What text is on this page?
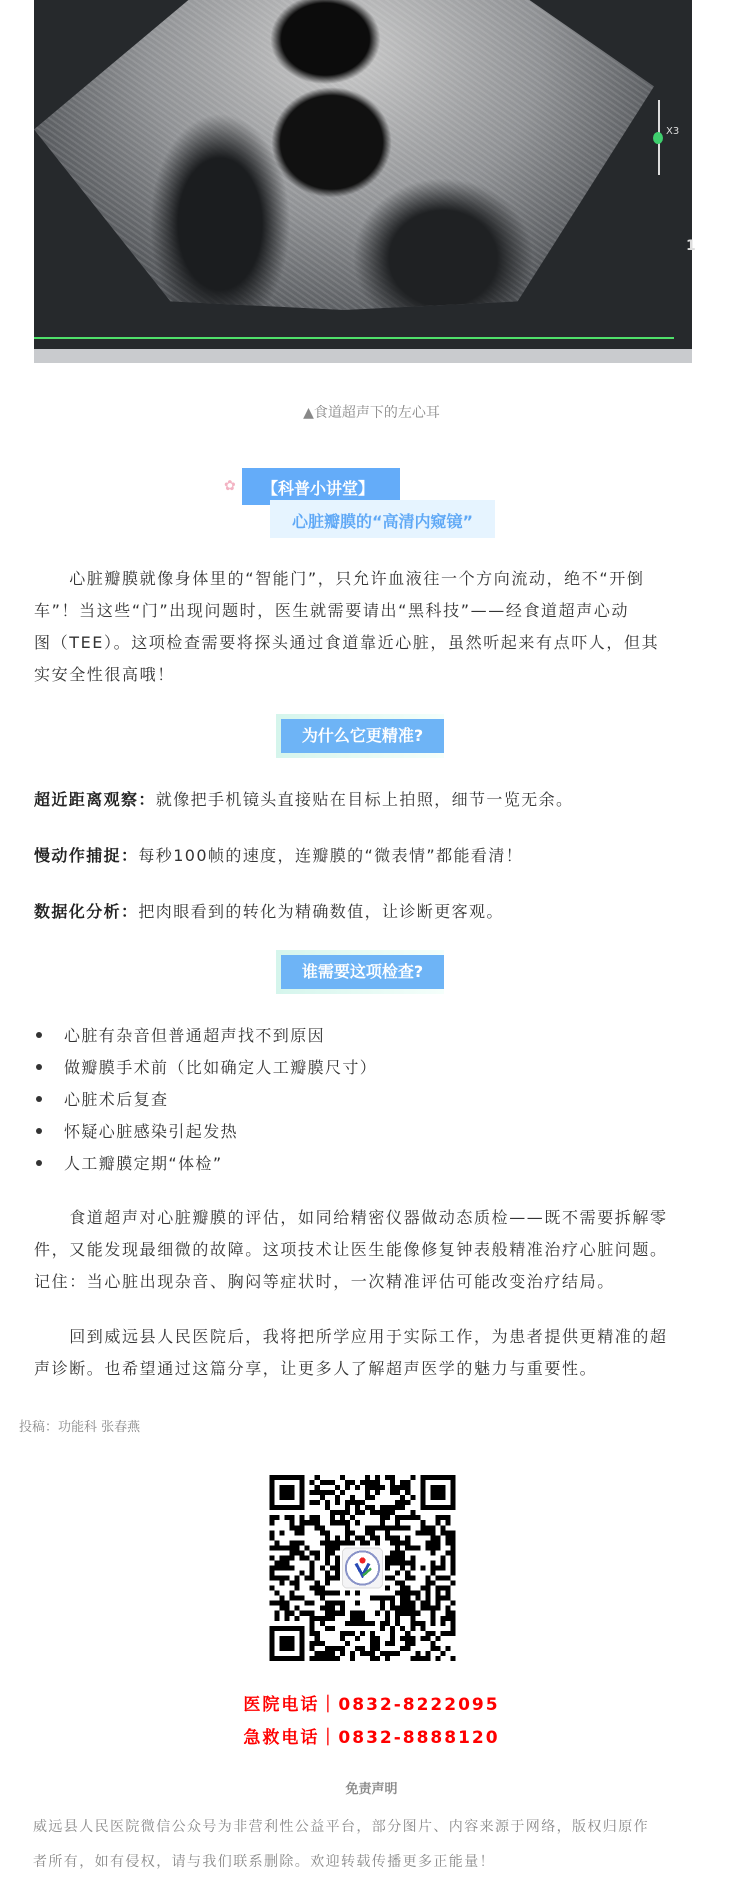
X3
1
▲食道超声下的左心耳
✿ 【科普小讲堂】
心脏瓣膜的“高清内窥镜”
心脏瓣膜就像身体里的“智能门”，只允许血液往一个方向流动，绝不“开倒
车”！当这些“门”出现问题时，医生就需要请出“黑科技”——经食道超声心动
图（TEE）。这项检查需要将探头通过食道靠近心脏，虽然听起来有点吓人，但其
实安全性很高哦！
为什么它更精准?
超近距离观察：就像把手机镜头直接贴在目标上拍照，细节一览无余。
慢动作捕捉：每秒100帧的速度，连瓣膜的“微表情”都能看清！
数据化分析：把肉眼看到的转化为精确数值，让诊断更客观。
谁需要这项检查?
心脏有杂音但普通超声找不到原因
做瓣膜手术前（比如确定人工瓣膜尺寸）
心脏术后复查
怀疑心脏感染引起发热
人工瓣膜定期“体检”
食道超声对心脏瓣膜的评估，如同给精密仪器做动态质检——既不需要拆解零
件，又能发现最细微的故障。这项技术让医生能像修复钟表般精准治疗心脏问题。
记住：当心脏出现杂音、胸闷等症状时，一次精准评估可能改变治疗结局。
回到威远县人民医院后，我将把所学应用于实际工作，为患者提供更精准的超
声诊断。也希望通过这篇分享，让更多人了解超声医学的魅力与重要性。
投稿：功能科 张春燕
医院电话｜0832-8222095
急救电话｜0832-8888120
免责声明
威远县人民医院微信公众号为非营利性公益平台，部分图片、内容来源于网络，版权归原作
者所有，如有侵权，请与我们联系删除。欢迎转载传播更多正能量！
